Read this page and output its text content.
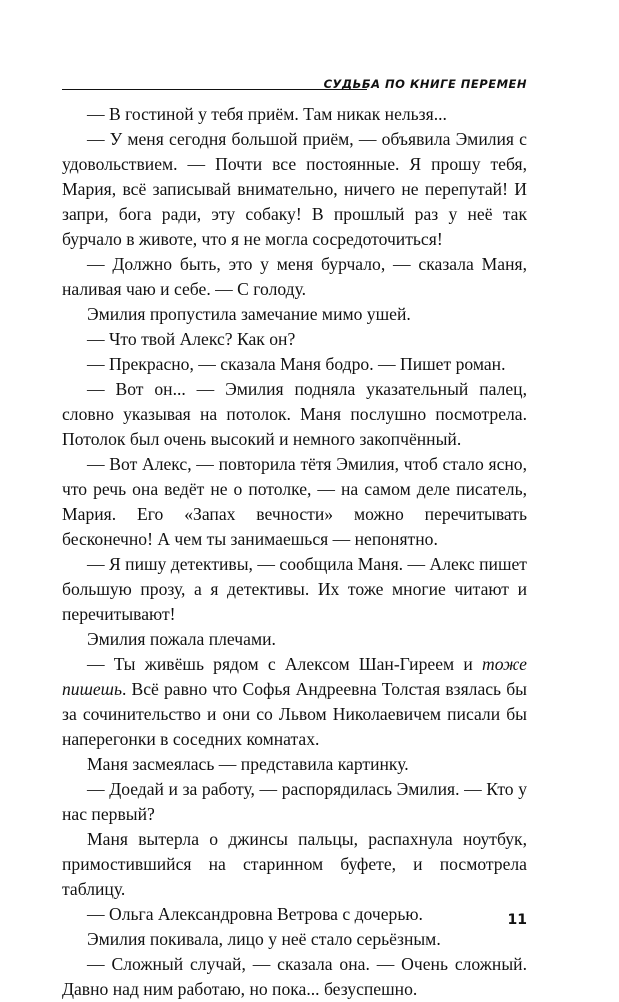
СУДЬБА ПО КНИГЕ ПЕРЕМЕН

— В гостиной у тебя приём. Там никак нельзя...

— У меня сегодня большой приём, — объявила Эмилия с удовольствием. — Почти все постоянные. Я прошу тебя, Мария, всё записывай внимательно, ничего не перепутай! И запри, бога ради, эту собаку! В прошлый раз у неё так бурчало в животе, что я не могла сосредоточиться!

— Должно быть, это у меня бурчало, — сказала Маня, наливая чаю и себе. — С голоду.

Эмилия пропустила замечание мимо ушей.

— Что твой Алекс? Как он?

— Прекрасно, — сказала Маня бодро. — Пишет роман.

— Вот он... — Эмилия подняла указательный палец, словно указывая на потолок. Маня послушно посмотрела. Потолок был очень высокий и немного закопчённый.

— Вот Алекс, — повторила тётя Эмилия, чтоб стало ясно, что речь она ведёт не о потолке, — на самом деле писатель, Мария. Его «Запах вечности» можно перечитывать бесконечно! А чем ты занимаешься — непонятно.

— Я пишу детективы, — сообщила Маня. — Алекс пишет большую прозу, а я детективы. Их тоже многие читают и перечитывают!

Эмилия пожала плечами.

— Ты живёшь рядом с Алексом Шан-Гиреем и тоже пишешь. Всё равно что Софья Андреевна Толстая взялась бы за сочинительство и они со Львом Николаевичем писали бы наперегонки в соседних комнатах.

Маня засмеялась — представила картинку.

— Доедай и за работу, — распорядилась Эмилия. — Кто у нас первый?

Маня вытерла о джинсы пальцы, распахнула ноутбук, примостившийся на старинном буфете, и посмотрела таблицу.

— Ольга Александровна Ветрова с дочерью.

Эмилия покивала, лицо у неё стало серьёзным.

— Сложный случай, — сказала она. — Очень сложный. Давно над ним работаю, но пока... безуспешно.

11
